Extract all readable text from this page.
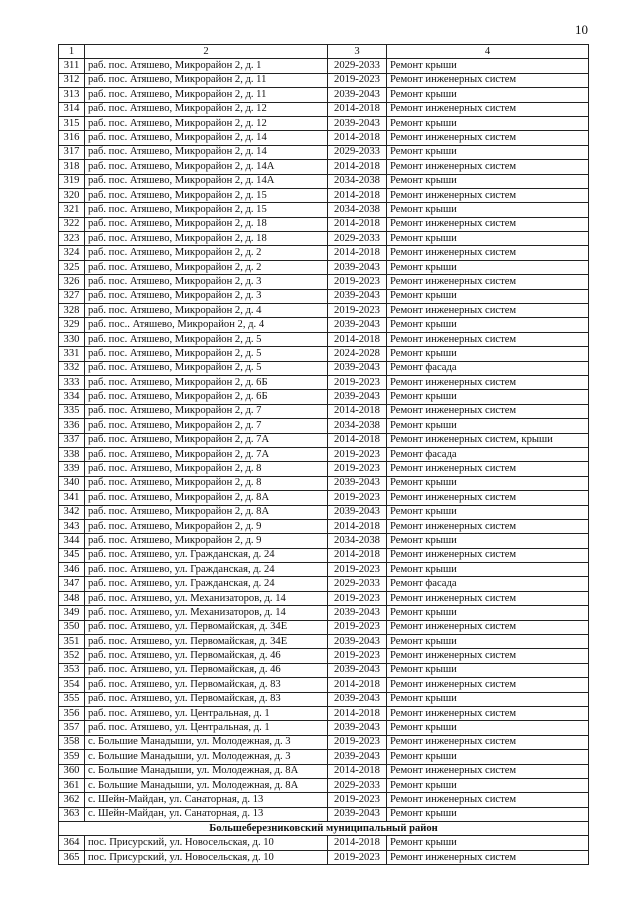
10
1	2	3	4
311	раб. пос. Атяшево, Микрорайон 2, д. 1	2029-2033	Ремонт крыши
312	раб. пос. Атяшево, Микрорайон 2, д. 11	2019-2023	Ремонт инженерных систем
313	раб. пос. Атяшево, Микрорайон 2, д. 11	2039-2043	Ремонт крыши
314	раб. пос. Атяшево, Микрорайон 2, д. 12	2014-2018	Ремонт инженерных систем
315	раб. пос. Атяшево, Микрорайон 2, д. 12	2039-2043	Ремонт крыши
316	раб. пос. Атяшево, Микрорайон 2, д. 14	2014-2018	Ремонт инженерных систем
317	раб. пос. Атяшево, Микрорайон 2, д. 14	2029-2033	Ремонт крыши
318	раб. пос. Атяшево, Микрорайон 2, д. 14А	2014-2018	Ремонт инженерных систем
319	раб. пос. Атяшево, Микрорайон 2, д. 14А	2034-2038	Ремонт крыши
320	раб. пос. Атяшево, Микрорайон 2, д. 15	2014-2018	Ремонт инженерных систем
321	раб. пос. Атяшево, Микрорайон 2, д. 15	2034-2038	Ремонт крыши
322	раб. пос. Атяшево, Микрорайон 2, д. 18	2014-2018	Ремонт инженерных систем
323	раб. пос. Атяшево, Микрорайон 2, д. 18	2029-2033	Ремонт крыши
324	раб. пос. Атяшево, Микрорайон 2, д. 2	2014-2018	Ремонт инженерных систем
325	раб. пос. Атяшево, Микрорайон 2, д. 2	2039-2043	Ремонт крыши
326	раб. пос. Атяшево, Микрорайон 2, д. 3	2019-2023	Ремонт инженерных систем
327	раб. пос. Атяшево, Микрорайон 2, д. 3	2039-2043	Ремонт крыши
328	раб. пос. Атяшево, Микрорайон 2, д. 4	2019-2023	Ремонт инженерных систем
329	раб. пос.. Атяшево, Микрорайон 2, д. 4	2039-2043	Ремонт крыши
330	раб. пос. Атяшево, Микрорайон 2, д. 5	2014-2018	Ремонт инженерных систем
331	раб. пос. Атяшево, Микрорайон 2, д. 5	2024-2028	Ремонт крыши
332	раб. пос. Атяшево, Микрорайон 2, д. 5	2039-2043	Ремонт фасада
333	раб. пос. Атяшево, Микрорайон 2, д. 6Б	2019-2023	Ремонт инженерных систем
334	раб. пос. Атяшево, Микрорайон 2, д. 6Б	2039-2043	Ремонт крыши
335	раб. пос. Атяшево, Микрорайон 2, д. 7	2014-2018	Ремонт инженерных систем
336	раб. пос. Атяшево, Микрорайон 2, д. 7	2034-2038	Ремонт крыши
337	раб. пос. Атяшево, Микрорайон 2, д. 7А	2014-2018	Ремонт инженерных систем, крыши
338	раб. пос. Атяшево, Микрорайон 2, д. 7А	2019-2023	Ремонт фасада
339	раб. пос. Атяшево, Микрорайон 2, д. 8	2019-2023	Ремонт инженерных систем
340	раб. пос. Атяшево, Микрорайон 2, д. 8	2039-2043	Ремонт крыши
341	раб. пос. Атяшево, Микрорайон 2, д. 8А	2019-2023	Ремонт инженерных систем
342	раб. пос. Атяшево, Микрорайон 2, д. 8А	2039-2043	Ремонт крыши
343	раб. пос. Атяшево, Микрорайон 2, д. 9	2014-2018	Ремонт инженерных систем
344	раб. пос. Атяшево, Микрорайон 2, д. 9	2034-2038	Ремонт крыши
345	раб. пос. Атяшево, ул. Гражданская, д. 24	2014-2018	Ремонт инженерных систем
346	раб. пос. Атяшево, ул. Гражданская, д. 24	2019-2023	Ремонт крыши
347	раб. пос. Атяшево, ул. Гражданская, д. 24	2029-2033	Ремонт фасада
348	раб. пос. Атяшево, ул. Механизаторов, д. 14	2019-2023	Ремонт инженерных систем
349	раб. пос. Атяшево, ул. Механизаторов, д. 14	2039-2043	Ремонт крыши
350	раб. пос. Атяшево, ул. Первомайская, д. 34Е	2019-2023	Ремонт инженерных систем
351	раб. пос. Атяшево, ул. Первомайская, д. 34Е	2039-2043	Ремонт крыши
352	раб. пос. Атяшево, ул. Первомайская, д. 46	2019-2023	Ремонт инженерных систем
353	раб. пос. Атяшево, ул. Первомайская, д. 46	2039-2043	Ремонт крыши
354	раб. пос. Атяшево, ул. Первомайская, д. 83	2014-2018	Ремонт инженерных систем
355	раб. пос. Атяшево, ул. Первомайская, д. 83	2039-2043	Ремонт крыши
356	раб. пос. Атяшево, ул. Центральная, д. 1	2014-2018	Ремонт инженерных систем
357	раб. пос. Атяшево, ул. Центральная, д. 1	2039-2043	Ремонт крыши
358	с. Большие Манадыши, ул. Молодежная, д. 3	2019-2023	Ремонт инженерных систем
359	с. Большие Манадыши, ул. Молодежная, д. 3	2039-2043	Ремонт крыши
360	с. Большие Манадыши, ул. Молодежная, д. 8А	2014-2018	Ремонт инженерных систем
361	с. Большие Манадыши, ул. Молодежная, д. 8А	2029-2033	Ремонт крыши
362	с. Шейн-Майдан, ул. Санаторная, д. 13	2019-2023	Ремонт инженерных систем
363	с. Шейн-Майдан, ул. Санаторная, д. 13	2039-2043	Ремонт крыши
Большеберезниковский муниципальный район			
364	пос. Присурский, ул. Новосельская, д. 10	2014-2018	Ремонт крыши
365	пос. Присурский, ул. Новосельская, д. 10	2019-2023	Ремонт инженерных систем
